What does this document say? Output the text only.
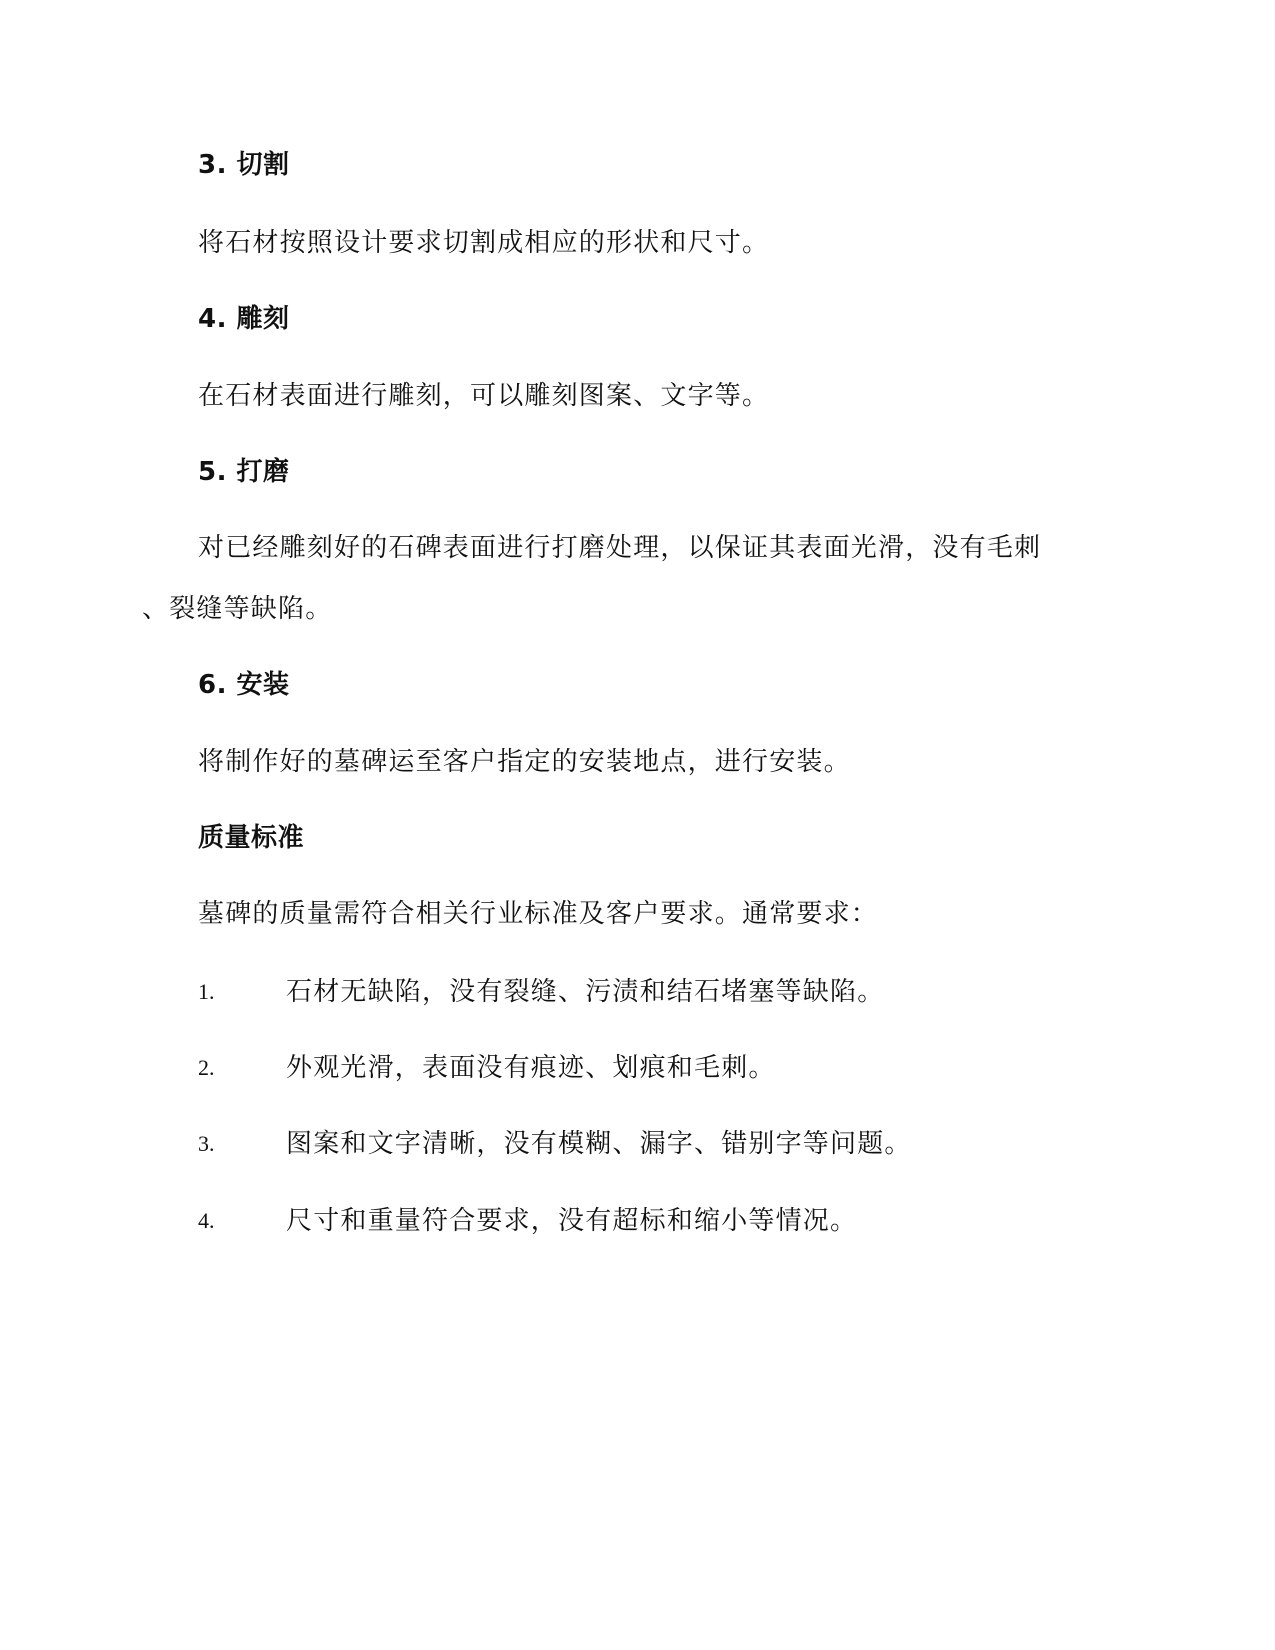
3. 切割
将石材按照设计要求切割成相应的形状和尺寸。
4. 雕刻
在石材表面进行雕刻，可以雕刻图案、文字等。
5. 打磨
对已经雕刻好的石碑表面进行打磨处理，以保证其表面光滑，没有毛刺
、裂缝等缺陷。
6. 安装
将制作好的墓碑运至客户指定的安装地点，进行安装。
质量标准
墓碑的质量需符合相关行业标准及客户要求。通常要求：
1.	石材无缺陷，没有裂缝、污渍和结石堵塞等缺陷。
2.	外观光滑，表面没有痕迹、划痕和毛刺。
3.	图案和文字清晰，没有模糊、漏字、错别字等问题。
4.	尺寸和重量符合要求，没有超标和缩小等情况。
